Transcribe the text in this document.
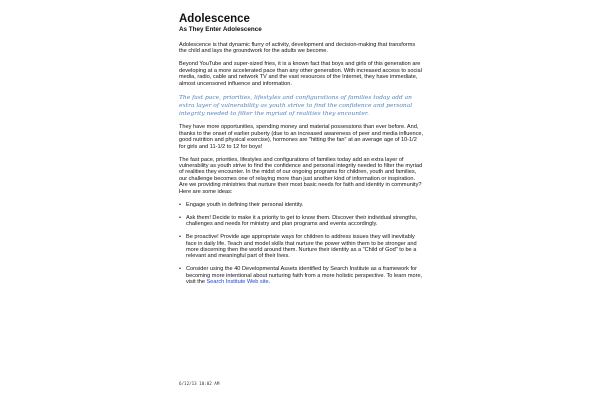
Adolescence
As They Enter Adolescence

Adolescence is that dynamic flurry of activity, development and decision-making that transforms the child and lays the groundwork for the adults we become.

Beyond YouTube and super-sized fries, it is a known fact that boys and girls of this generation are developing at a more accelerated pace than any other generation. With increased access to social media, radio, cable and network TV and the vast resources of the Internet, they have immediate, almost uncensored influence and information.

The fast pace, priorities, lifestyles and configurations of families today add an extra layer of vulnerability as youth strive to find the confidence and personal integrity needed to filter the myriad of realities they encounter.

They have more opportunities, spending money and material possessions than ever before. And, thanks to the onset of earlier puberty (due to an increased awareness of peer and media influence, good nutrition and physical exercise), hormones are "hitting the fan" at an average age of 10-1/2 for girls and 11-1/2 to 12 for boys!

The fast pace, priorities, lifestyles and configurations of families today add an extra layer of vulnerability as youth strive to find the confidence and personal integrity needed to filter the myriad of realities they encounter. In the midst of our ongoing programs for children, youth and families, our challenge becomes one of relaying more than just another kind of information or inspiration. Are we providing ministries that nurture their most basic needs for faith and identity in community? Here are some ideas:

• Engage youth in defining their personal identity.
• Ask them! Decide to make it a priority to get to know them. Discover their individual strengths, challenges and needs for ministry and plan programs and events accordingly.
• Be proactive! Provide age appropriate ways for children to address issues they will inevitably face in daily life. Teach and model skills that nurture the power within them to be stronger and more discerning then the world around them. Nurture their identity as a "Child of God" to be a relevant and meaningful part of their lives.
• Consider using the 40 Developmental Assets identified by Search Institute as a framework for becoming more intentional about nurturing faith from a more holistic perspective. To learn more, visit the Search Institute Web site.
6/12/13 10:02 AM
